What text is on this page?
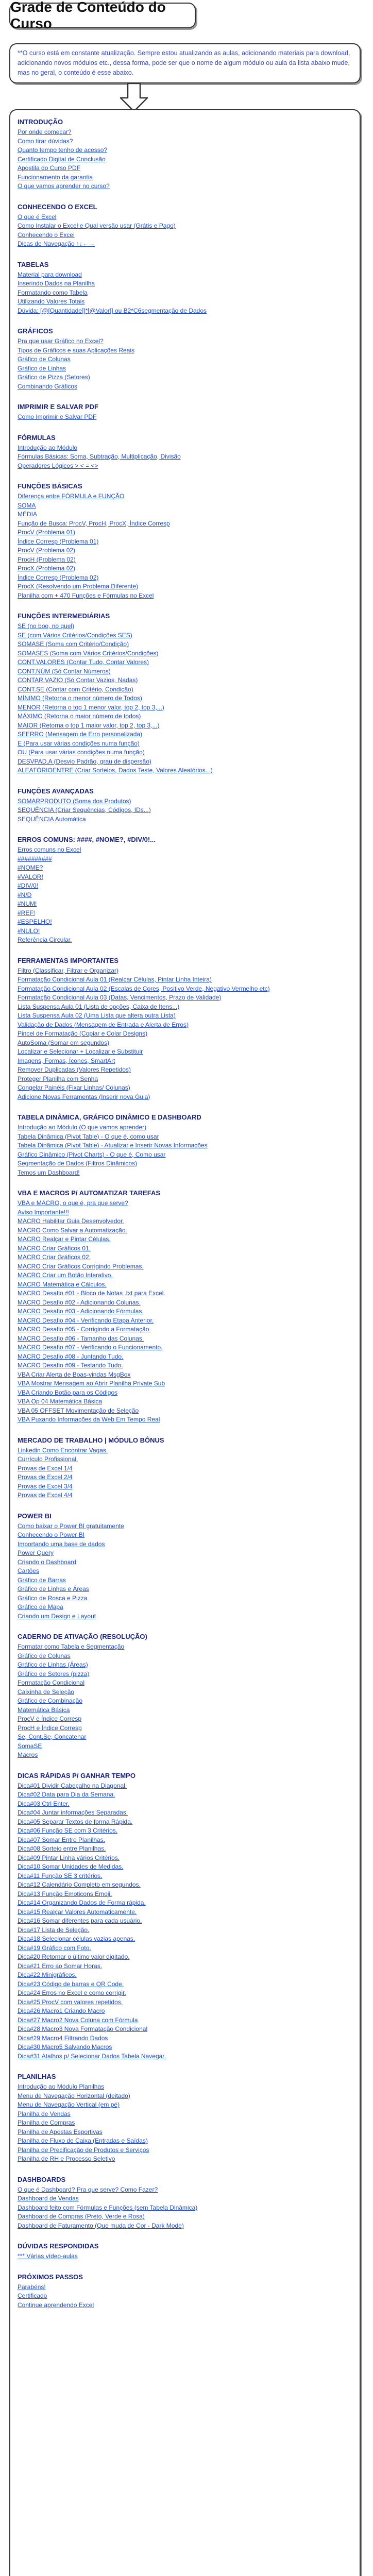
Grade de Conteúdo do Curso
**O curso está em constante atualização. Sempre estou atualizando as aulas, adicionando materiais para download, adicionando novos módulos etc., dessa forma, pode ser que o nome de algum módulo ou aula da lista abaixo mude, mas no geral, o conteúdo é esse abaixo.
INTRODUÇÃO
Por onde começar?
Como tirar dúvidas?
Quanto tempo tenho de acesso?
Certificado Digital de Conclusão
Apostila do Curso PDF
Funcionamento da garantia
O que vamos aprender no curso?
CONHECENDO O EXCEL
O que é Excel
Como Instalar o Excel e Qual versão usar (Grátis e Pago)
Conhecendo o Excel
Dicas de Navegação ↑↓←→
TABELAS
Material para download
Inserindo Dados na Planilha
Formatando como Tabela
Utilizando Valores Totais
Dúvida: [@[Quantidade]]*[@Valor]] ou B2*C6segmentação de Dados
GRÁFICOS
Pra que usar Gráfico no Excel?
Tipos de Gráficos e suas Aplicações Reais
Gráfico de Colunas
Gráfico de Linhas
Gráfico de Pizza (Setores)
Combinando Gráficos
IMPRIMIR E SALVAR PDF
Como Imprimir e Salvar PDF
FÓRMULAS
Introdução ao Módulo
Fórmulas Básicas: Soma, Subtração, Multiplicação, Divisão
Operadores Lógicos > < = <>
FUNÇÕES BÁSICAS
Diferença entre FÓRMULA e FUNÇÃO
SOMA
MÉDIA
Função de Busca: ProcV, ProcH, ProcX, Índice Corresp
ProcV (Problema 01)
Índice Corresp (Problema 01)
ProcV (Problema 02)
ProcH (Problema 02)
ProcX (Problema 02)
Índice Corresp (Problema 02)
ProcX (Resolvendo um Problema Diferente)
Planilha com + 470 Funções e Fórmulas no Excel
FUNÇÕES INTERMEDIÁRIAS
SE (no boo, no quel)
SE (com Vários Critérios/Condições SES)
SOMASE (Soma com Critério/Condição)
SOMASES (Soma com Vários Critérios/Condições)
CONT.VALORES (Contar Tudo, Contar Valores)
CONT.NÚM (Só Contar Números)
CONTAR.VAZIO (Só Contar Vazios, Nadas)
CONT.SE (Contar com Critério, Condição)
MÍNIMO (Retorna o menor número de Todos)
MENOR (Retorna o top 1 menor valor, top 2, top 3,...)
MÁXIMO (Retorna o maior número de todos)
MAIOR (Retorna o top 1 maior valor, top 2, top 3,...)
SEERRO (Mensagem de Erro personalizada)
E (Para usar várias condições numa função)
OU (Para usar várias condições numa função)
DESVPAD.A (Desvio Padrão, grau de dispersão)
ALEATÓRIOENTRE (Criar Sorteios, Dados Teste, Valores Aleatórios...)
FUNÇÕES AVANÇADAS
SOMARPRODUTO (Soma dos Produtos)
SEQUÊNCIA (Criar Sequências, Códigos, IDs...)
SEQUÊNCIA Automática
ERROS COMUNS: ####, #NOME?, #DIV/0!...
Erros comuns no Excel
##########
#NOME?
#VALOR!
#DIV/0!
#N/D
#NUM!
#REF!
#ESPELHO!
#NULO!
Referência Circular.
FERRAMENTAS IMPORTANTES
Filtro (Classificar, Filtrar e Organizar)
Formatação Condicional Aula 01 (Realçar Células, Pintar Linha Inteira)
Formatação Condicional Aula 02 (Escalas de Cores, Positivo Verde, Negativo Vermelho etc)
Formatação Condicional Aula 03 (Datas, Vencimentos, Prazo de Validade)
Lista Suspensa Aula 01 (Lista de opções, Caixa de Itens...)
Lista Suspensa Aula 02 (Uma Lista que altera outra Lista)
Validação de Dados (Mensagem de Entrada e Alerta de Erros)
Pincel de Formatação (Copiar e Colar Designs)
AutoSoma (Somar em segundos)
Localizar e Selecionar + Localizar e Substituir
Imagens, Formas, Ícones, SmartArt
Remover Duplicadas (Valores Repetidos)
Proteger Planilha com Senha
Congelar Painéis (Fixar Linhas/ Colunas)
Adicione Novas Ferramentas (Inserir nova Guia)
TABELA DINÂMICA, GRÁFICO DINÂMICO E DASHBOARD
Introdução ao Módulo (O que vamos aprender)
Tabela Dinâmica (Pivot Table) - O que é, como usar
Tabela Dinâmica (Pivot Table) - Atualizar e Inserir Novas Informações
Gráfico Dinâmico (Pivot Charts) - O que é, Como usar
Segmentação de Dados (Filtros Dinâmicos)
Temos um Dashboard!
VBA E MACROS P/ AUTOMATIZAR TAREFAS
VBA e MACRO, o que é, pra que serve?
Aviso Importante!!!
MACRO Habilitar Guia Desenvolvedor.
MACRO Como Salvar a Automatização.
MACRO Realçar e Pintar Células.
MACRO Criar Gráficos 01.
MACRO Criar Gráficos 02.
MACRO Criar Gráficos Corrigindo Problemas.
MACRO Criar um Botão Interativo.
MACRO Matemática e Cálculos.
MACRO Desafio #01 - Bloco de Notas .txt para Excel.
MACRO Desafio #02 - Adicionando Colunas.
MACRO Desafio #03 - Adicionando Fórmulas.
MACRO Desafio #04 - Verificando Etapa Anterior.
MACRO Desafio #05 - Corrigindo a Formatação.
MACRO Desafio #06 - Tamanho das Colunas.
MACRO Desafio #07 - Verificando o Funcionamento.
MACRO Desafio #08 - Juntando Tudo.
MACRO Desafio #09 - Testando Tudo.
VBA Criar Alerta de Boas-vindas MsgBox
VBA Mostrar Mensagem ao Abrir Planilha Private Sub
VBA Criando Botão para os Códigos
VBA Op 04 Matemática Básica
VBA 05 OFFSET Movimentação de Seleção
VBA Puxando Informações da Web Em Tempo Real
MERCADO DE TRABALHO | MÓDULO BÔNUS
Linkedin Como Encontrar Vagas.
Currículo Profissional.
Provas de Excel 1/4
Provas de Excel 2/4
Provas de Excel 3/4
Provas de Excel 4/4
POWER BI
Como baixar o Power BI gratuitamente
Conhecendo o Power BI
Importando uma base de dados
Power Query
Criando o Dashboard
Cartões
Gráfico de Barras
Gráfico de Linhas e Áreas
Gráfico de Rosca e Pizza
Gráfico de Mapa
Criando um Design e Layout
CADERNO DE ATIVAÇÃO (RESOLUÇÃO)
Formatar como Tabela e Segmentação
Gráfico de Colunas
Gráfico de Linhas (Áreas)
Gráfico de Setores (pizza)
Formatação Condicional
Caixinha de Seleção
Gráfico de Combinação
Matemática Básica
ProcV e Índice Corresp
ProcH e Índice Corresp
Se, Cont.Se, Concatenar
SomaSE
Macros
DICAS RÁPIDAS P/ GANHAR TEMPO
Dica#01 Dividir Cabeçalho na Diagonal.
Dica#02 Data para Dia da Semana.
Dica#03 Ctrl Enter.
Dica#04 Juntar informações Separadas.
Dica#05 Separar Textos de forma Rápida.
Dica#06 Função SE com 3 Critérios.
Dica#07 Somar Entre Planilhas.
Dica#08 Sorteio entre Planilhas.
Dica#09 Pintar Linha vários Critérios.
Dica#10 Somar Unidades de Medidas.
Dica#11 Função SE 3 critérios.
Dica#12 Calendário Completo em segundos.
Dica#13 Função Emoticons Emoji.
Dica#14 Organizando Dados de Forma rápida.
Dica#15 Realçar Valores Automaticamente.
Dica#16 Somar diferentes para cada usuário.
Dica#17 Lista de Seleção.
Dica#18 Selecionar células vazias apenas.
Dica#19 Gráfico com Foto.
Dica#20 Retornar o último valor digitado.
Dica#21 Erro ao Somar Horas.
Dica#22 Minigráficos.
Dica#23 Código de barras e QR Code.
Dica#24 Erros no Excel e como corrigir.
Dica#25 ProcV com valores repetidos.
Dica#26 Macro1 Criando Macro
Dica#27 Macro2 Nova Coluna com Fórmula
Dica#28 Macro3 Nova Formatação Condicional
Dica#29 Macro4 Filtrando Dados
Dica#30 Macro5 Salvando Macros
Dica#31 Atalhos p/ Selecionar Dados Tabela Navegar.
PLANILHAS
Introdução ao Módulo Planilhas
Menu de Navegação Horizontal (deitado)
Menu de Navegação Vertical (em pé)
Planilha de Vendas
Planilha de Compras
Planilha de Apostas Esportivas
Planilha de Fluxo de Caixa (Entradas e Saídas)
Planilha de Precificação de Produtos e Serviços
Planilha de RH e Processo Seletivo
DASHBOARDS
O que é Dashboard? Pra que serve? Como Fazer?
Dashboard de Vendas
Dashboard feito com Fórmulas e Funções (sem Tabela Dinâmica)
Dashboard de Compras (Preto, Verde e Rosa)
Dashboard de Faturamento (Que muda de Cor - Dark Mode)
DÚVIDAS RESPONDIDAS
*** Várias vídeo-aulas
PRÓXIMOS PASSOS
Parabéns!
Certificado
Continue aprendendo Excel
